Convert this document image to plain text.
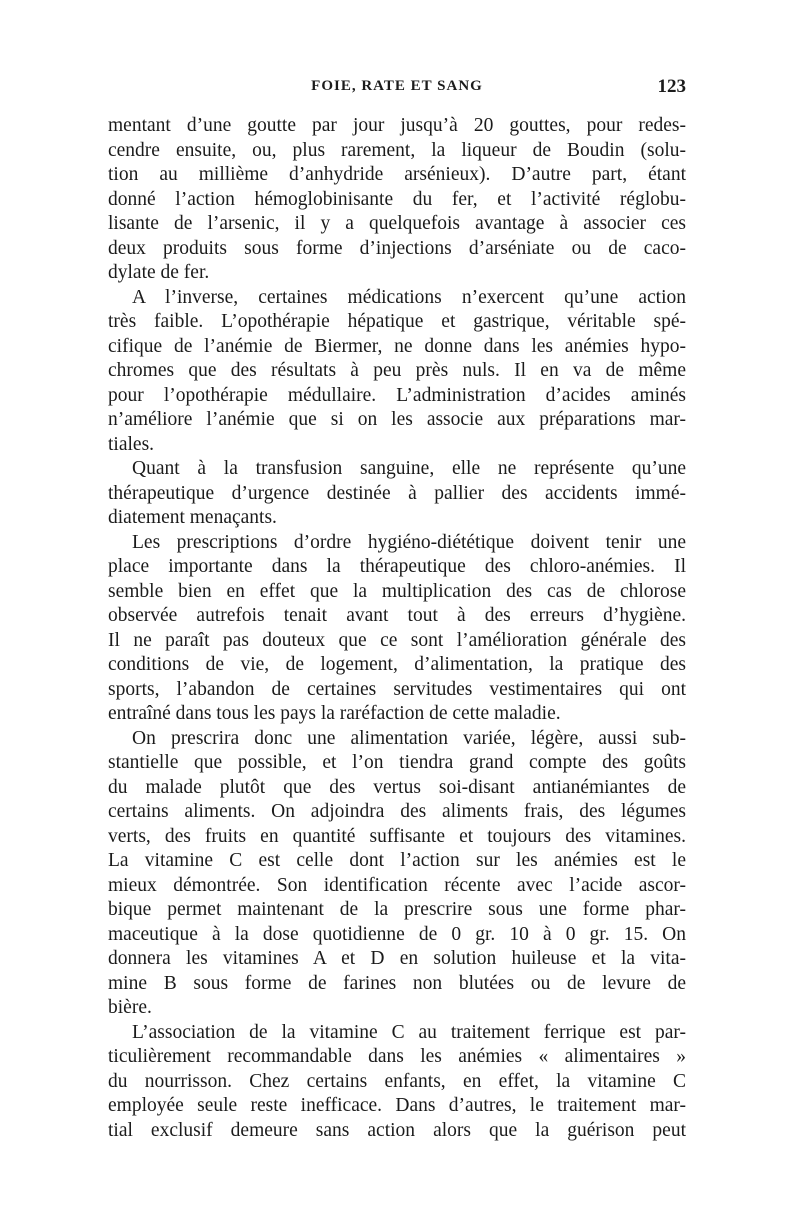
FOIE, RATE ET SANG	123
mentant d’une goutte par jour jusqu’à 20 gouttes, pour redes-
cendre ensuite, ou, plus rarement, la liqueur de Boudin (solu-
tion au millième d’anhydride arsénieux). D’autre part, étant
donné l’action hémoglobinisante du fer, et l’activité réglobu-
lisante de l’arsenic, il y a quelquefois avantage à associer ces
deux produits sous forme d’injections d’arséniate ou de caco-
dylate de fer.
A l’inverse, certaines médications n’exercent qu’une action
très faible. L’opothérapie hépatique et gastrique, véritable spé-
cifique de l’anémie de Biermer, ne donne dans les anémies hypo-
chromes que des résultats à peu près nuls. Il en va de même
pour l’opothérapie médullaire. L’administration d’acides aminés
n’améliore l’anémie que si on les associe aux préparations mar-
tiales.
Quant à la transfusion sanguine, elle ne représente qu’une
thérapeutique d’urgence destinée à pallier des accidents immé-
diatement menaçants.
Les prescriptions d’ordre hygiéno-diététique doivent tenir une
place importante dans la thérapeutique des chloro-anémies. Il
semble bien en effet que la multiplication des cas de chlorose
observée autrefois tenait avant tout à des erreurs d’hygiène.
Il ne paraît pas douteux que ce sont l’amélioration générale des
conditions de vie, de logement, d’alimentation, la pratique des
sports, l’abandon de certaines servitudes vestimentaires qui ont
entraîné dans tous les pays la raréfaction de cette maladie.
On prescrira donc une alimentation variée, légère, aussi sub-
stantielle que possible, et l’on tiendra grand compte des goûts
du malade plutôt que des vertus soi-disant antianémiantes de
certains aliments. On adjoindra des aliments frais, des légumes
verts, des fruits en quantité suffisante et toujours des vitamines.
La vitamine C est celle dont l’action sur les anémies est le
mieux démontrée. Son identification récente avec l’acide ascor-
bique permet maintenant de la prescrire sous une forme phar-
maceutique à la dose quotidienne de 0 gr. 10 à 0 gr. 15. On
donnera les vitamines A et D en solution huileuse et la vita-
mine B sous forme de farines non blutées ou de levure de
bière.
L’association de la vitamine C au traitement ferrique est par-
ticulièrement recommandable dans les anémies « alimentaires »
du nourrisson. Chez certains enfants, en effet, la vitamine C
employée seule reste inefficace. Dans d’autres, le traitement mar-
tial exclusif demeure sans action alors que la guérison peut
